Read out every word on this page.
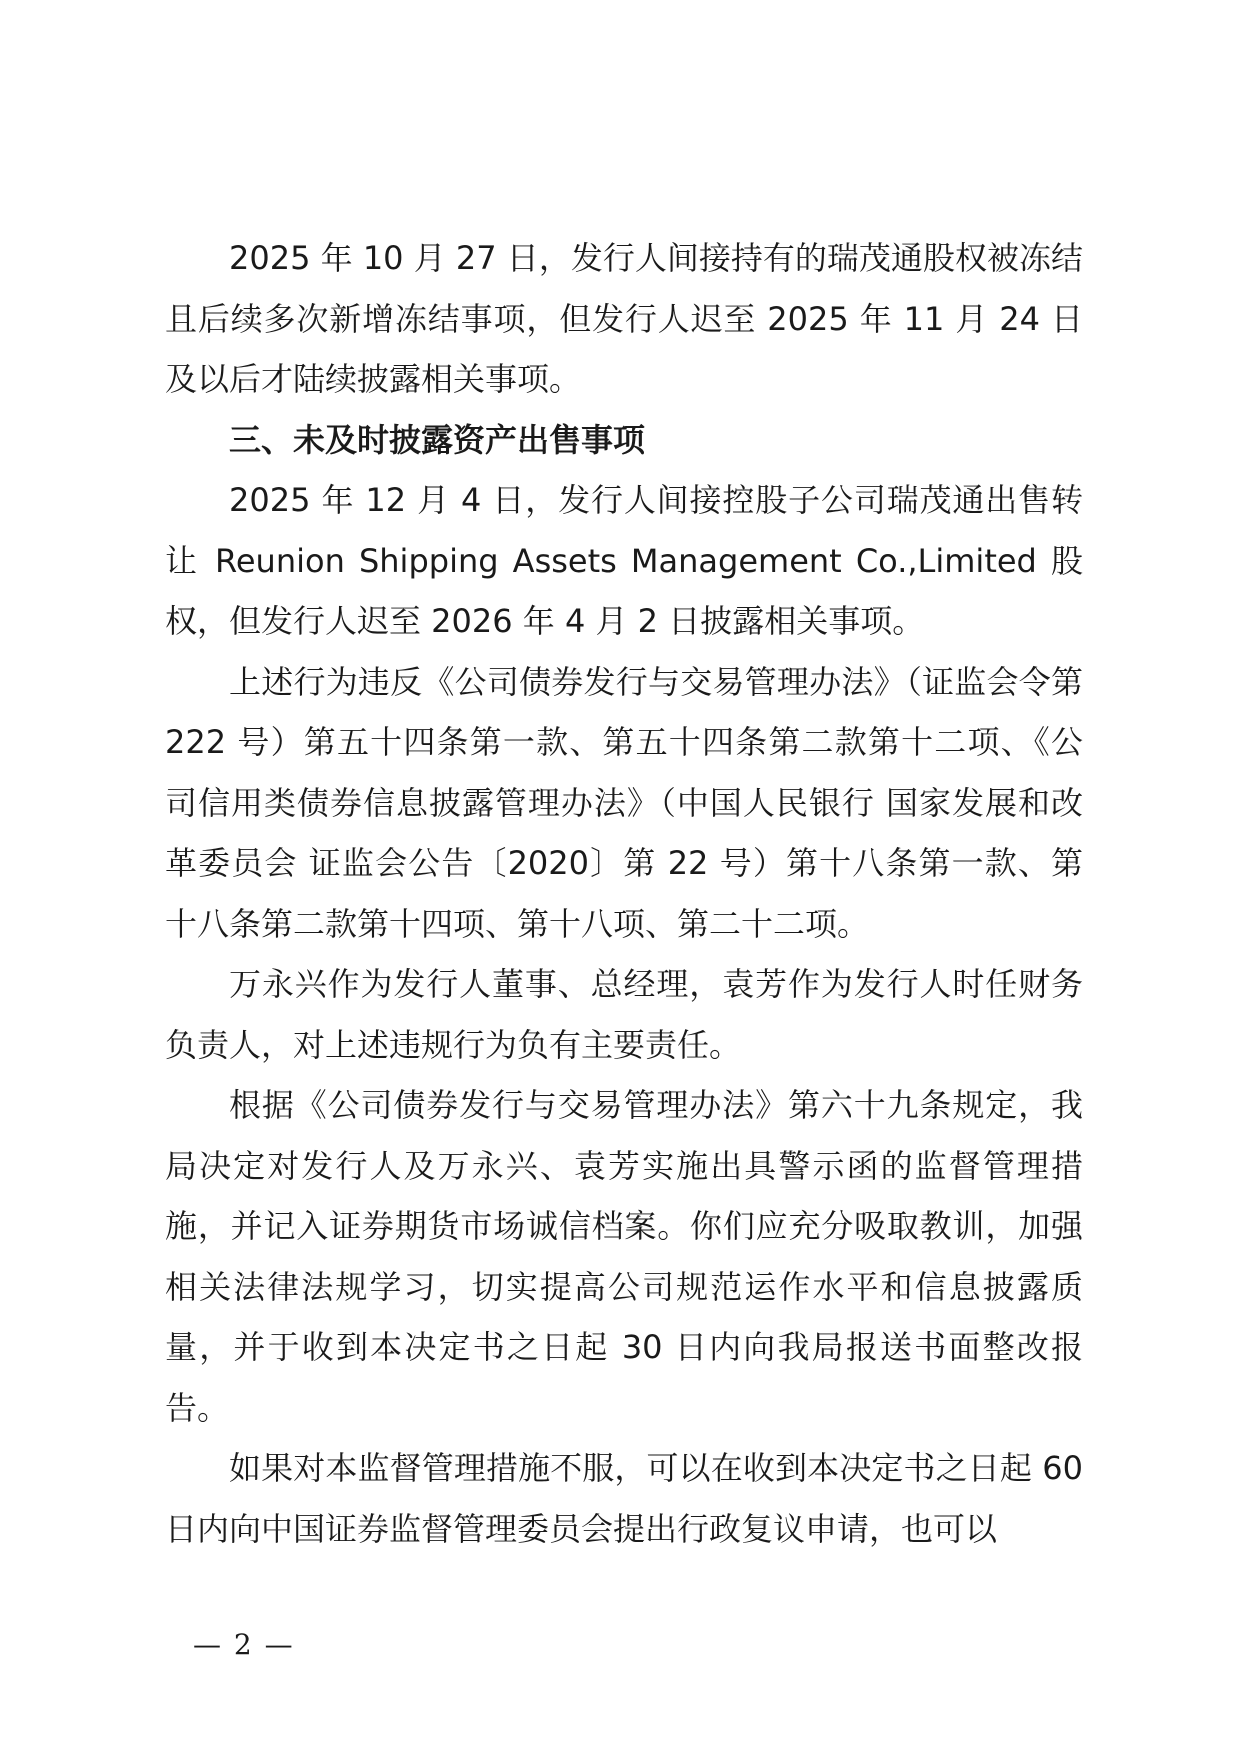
2025 年 10 月 27 日，发行人间接持有的瑞茂通股权被冻结且后续多次新增冻结事项，但发行人迟至 2025 年 11 月 24 日及以后才陆续披露相关事项。

三、未及时披露资产出售事项

2025 年 12 月 4 日，发行人间接控股子公司瑞茂通出售转让 Reunion Shipping Assets Management Co.,Limited 股权，但发行人迟至 2026 年 4 月 2 日披露相关事项。

上述行为违反《公司债券发行与交易管理办法》（证监会令第 222 号）第五十四条第一款、第五十四条第二款第十二项、《公司信用类债券信息披露管理办法》（中国人民银行 国家发展和改革委员会 证监会公告〔2020〕第 22 号）第十八条第一款、第十八条第二款第十四项、第十八项、第二十二项。

万永兴作为发行人董事、总经理，袁芳作为发行人时任财务负责人，对上述违规行为负有主要责任。

根据《公司债券发行与交易管理办法》第六十九条规定，我局决定对发行人及万永兴、袁芳实施出具警示函的监督管理措施，并记入证券期货市场诚信档案。你们应充分吸取教训，加强相关法律法规学习，切实提高公司规范运作水平和信息披露质量，并于收到本决定书之日起 30 日内向我局报送书面整改报告。

如果对本监督管理措施不服，可以在收到本决定书之日起 60 日内向中国证券监督管理委员会提出行政复议申请，也可以

— 2 —
